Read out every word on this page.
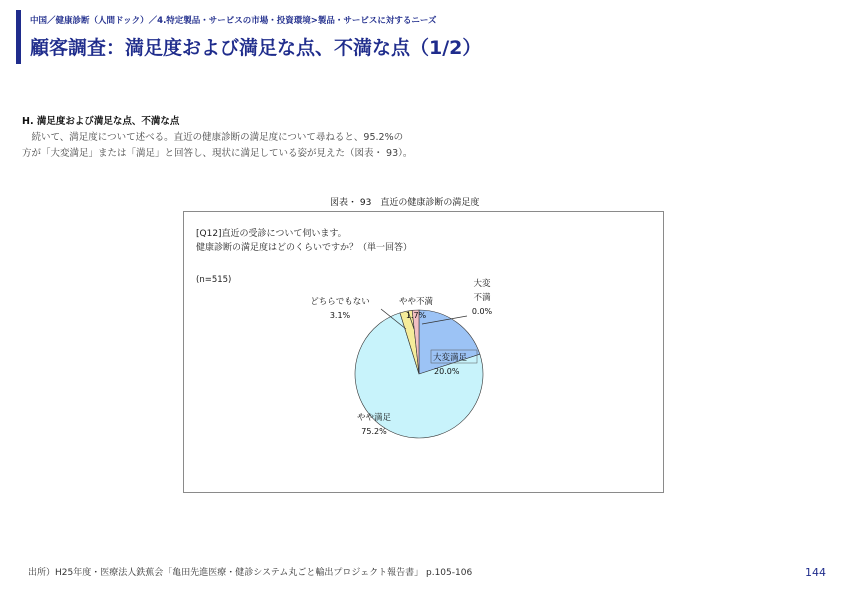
中国／健康診断（人間ドック）／4.特定製品・サービスの市場・投資環境>製品・サービスに対するニーズ
顧客調査：満足度および満足な点、不満な点（1/2）
H. 満足度および満足な点、不満な点

続いて、満足度について述べる。直近の健康診断の満足度について尋ねると、95.2%の

方が「大変満足」または「満足」と回答し、現状に満足している姿が見えた（図表・ 93）。

図表・ 93　直近の健康診断の満足度
[Q12]直近の受診について伺います。
健康診断の満足度はどのくらいですか？（単一回答）
(n=515)
大変満足
20.0%
やや満足
75.2%
どちらでもない
3.1%
やや不満
1.7%
大変
不満
0.0%
出所）H25年度・医療法人鉄蕉会「亀田先進医療・健診システム丸ごと輸出プロジェクト報告書」 p.105-106	144
